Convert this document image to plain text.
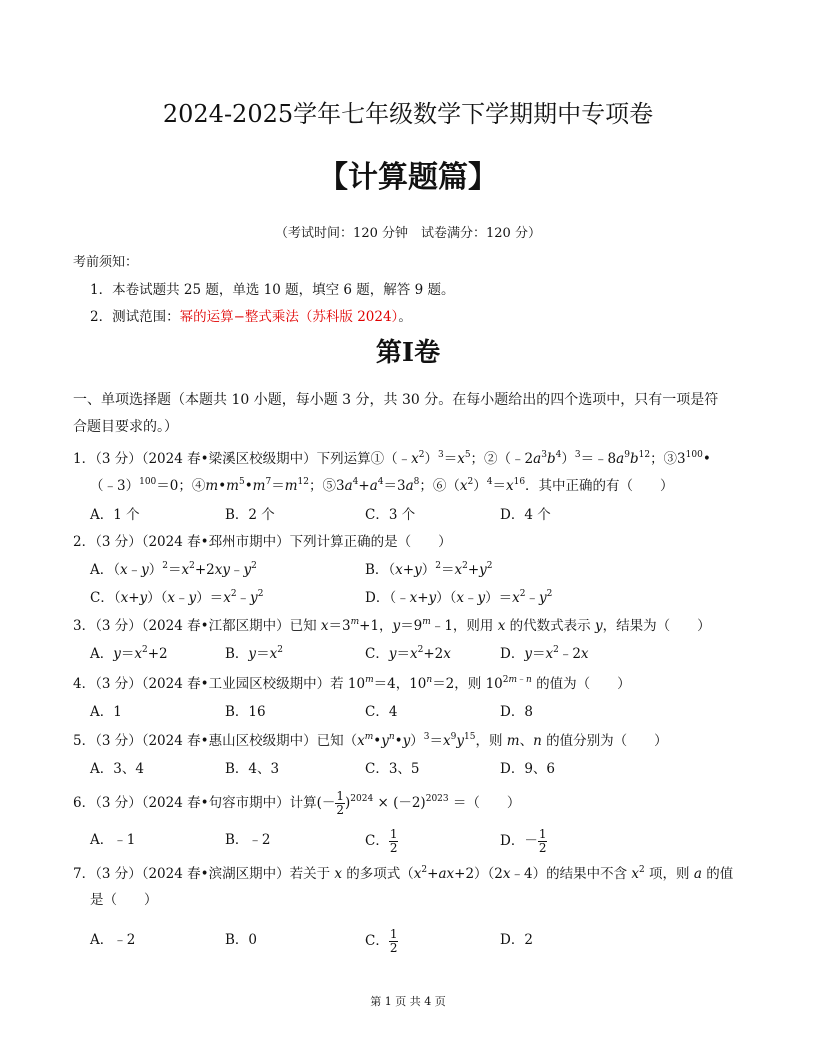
2024-2025学年七年级数学下学期期中专项卷
【计算题篇】
（考试时间：120 分钟　试卷满分：120 分）
考前须知：
1．本卷试题共 25 题，单选 10 题，填空 6 题，解答 9 题。
2．测试范围：幂的运算−整式乘法（苏科版 2024）。
第Ⅰ卷
一、单项选择题（本题共 10 小题，每小题 3 分，共 30 分。在每小题给出的四个选项中，只有一项是符
合题目要求的。）
1．（3 分）（2024 春•梁溪区校级期中）下列运算$①(﹣x^2)^3=x^5$；$②(﹣2a^3b^4)^3=﹣8a^9b^{12}$；$③3^{100}•$
（﹣3）$^{100}$＝0；$④m•m^5•m^7=m^{12}$；$⑤3a^4+a^4=3a^8$；$⑥(x^2)^4=x^{16}$．其中正确的有（　　）
A．1 个	B．2 个	C．3 个	D．4 个
2．（3 分）（2024 春•邳州市期中）下列计算正确的是（　　）
A．$(x﹣y)^2=x^2+2xy﹣y^2$	B．$(x+y)^2=x^2+y^2$
C．$(x+y)(x﹣y)=x^2﹣y^2$	D．$(﹣x+y)(x﹣y)=x^2﹣y^2$
3．（3 分）（2024 春•江都区期中）已知 $x=3^m+1$，$y=9^m﹣1$，则用 x 的代数式表示 y，结果为（　　）
A．$y=x^2+2$	B．$y=x^2$	C．$y=x^2+2x$	D．$y=x^2﹣2x$
4．（3 分）（2024 春•工业园区校级期中）若 $10^m=4$，$10^n=2$，则 $10^{2m﹣n}$ 的值为（　　）
A．1	B．16	C．4	D．8
5．（3 分）（2024 春•惠山区校级期中）已知$(x^m•y^n•y)^3=x^9y^{15}$，则 m、n 的值分别为（　　）
A．3、4	B．4、3	C．3、5	D．9、6
6．（3 分）（2024 春•句容市期中）计算(－ $\frac{1}{2} )^{2024} \times (-2)^{2023}$ ＝（　　）
A．﹣1	B．﹣2	C． $\frac{1}{2}$	D．－ $\frac{1}{2}$
7．（3 分）（2024 春•滨湖区期中）若关于 x 的多项式$(x^2+ax+2)(2x﹣4)$的结果中不含 $x^2$ 项，则 a 的值
是（　　）
A．﹣2	B．0	C． $\frac{1}{2}$	D．2
第 1 页 共 4 页
